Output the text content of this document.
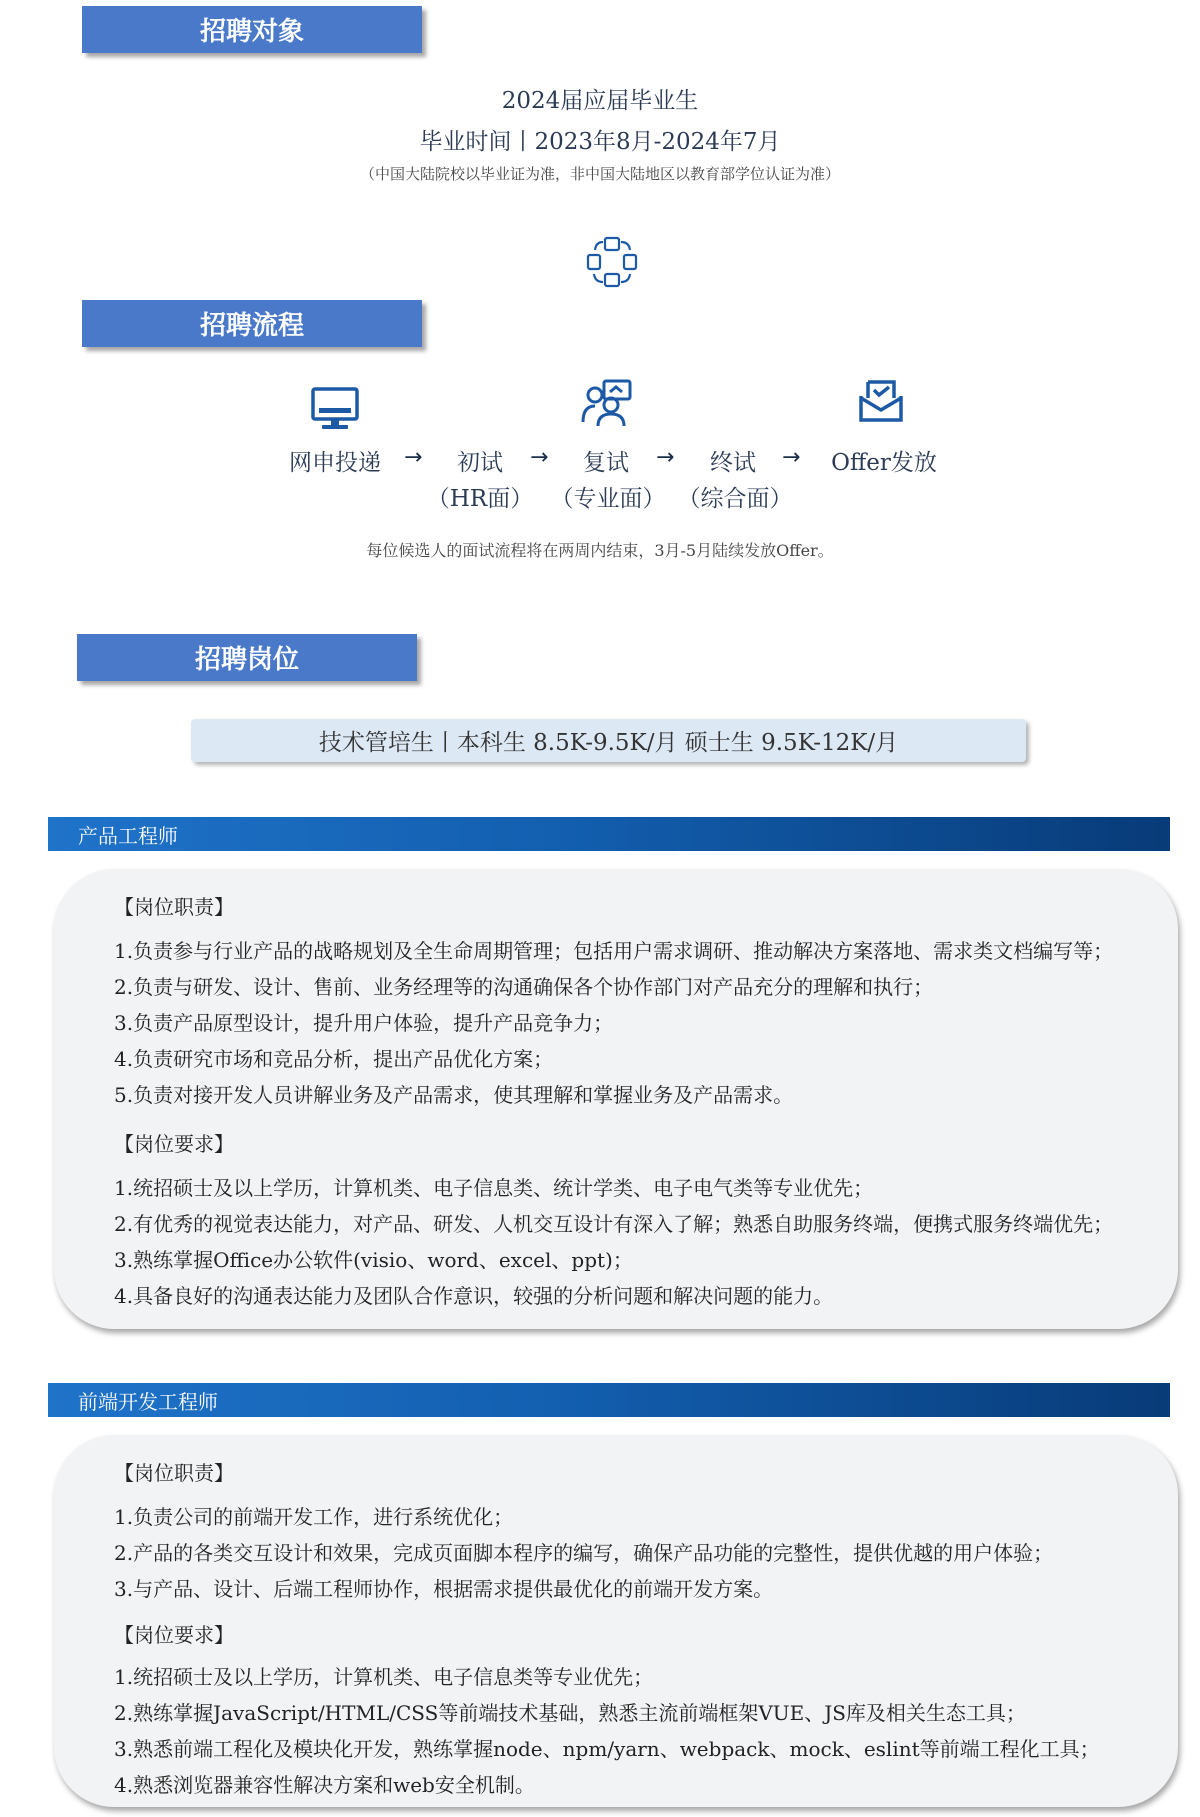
招聘对象
2024届应届毕业生
毕业时间丨2023年8月-2024年7月
（中国大陆院校以毕业证为准，非中国大陆地区以教育部学位认证为准）
招聘流程
网申投递	→	初试
（HR面）
→	复试
（专业面）
→	终试
（综合面）
→	Offer发放
每位候选人的面试流程将在两周内结束，3月-5月陆续发放Offer。
招聘岗位
技术管培生丨本科生 8.5K-9.5K/月 硕士生 9.5K-12K/月
产品工程师
【岗位职责】
1.负责参与行业产品的战略规划及全生命周期管理；包括用户需求调研、推动解决方案落地、需求类文档编写等；
2.负责与研发、设计、售前、业务经理等的沟通确保各个协作部门对产品充分的理解和执行；
3.负责产品原型设计，提升用户体验，提升产品竞争力；
4.负责研究市场和竞品分析，提出产品优化方案；
5.负责对接开发人员讲解业务及产品需求，使其理解和掌握业务及产品需求。
【岗位要求】
1.统招硕士及以上学历，计算机类、电子信息类、统计学类、电子电气类等专业优先；
2.有优秀的视觉表达能力，对产品、研发、人机交互设计有深入了解；熟悉自助服务终端，便携式服务终端优先；
3.熟练掌握Office办公软件(visio、word、excel、ppt)；
4.具备良好的沟通表达能力及团队合作意识，较强的分析问题和解决问题的能力。
前端开发工程师
【岗位职责】
1.负责公司的前端开发工作，进行系统优化；
2.产品的各类交互设计和效果，完成页面脚本程序的编写，确保产品功能的完整性，提供优越的用户体验；
3.与产品、设计、后端工程师协作，根据需求提供最优化的前端开发方案。
【岗位要求】
1.统招硕士及以上学历，计算机类、电子信息类等专业优先；
2.熟练掌握JavaScript/HTML/CSS等前端技术基础，熟悉主流前端框架VUE、JS库及相关生态工具；
3.熟悉前端工程化及模块化开发，熟练掌握node、npm/yarn、webpack、mock、eslint等前端工程化工具；
4.熟悉浏览器兼容性解决方案和web安全机制。
